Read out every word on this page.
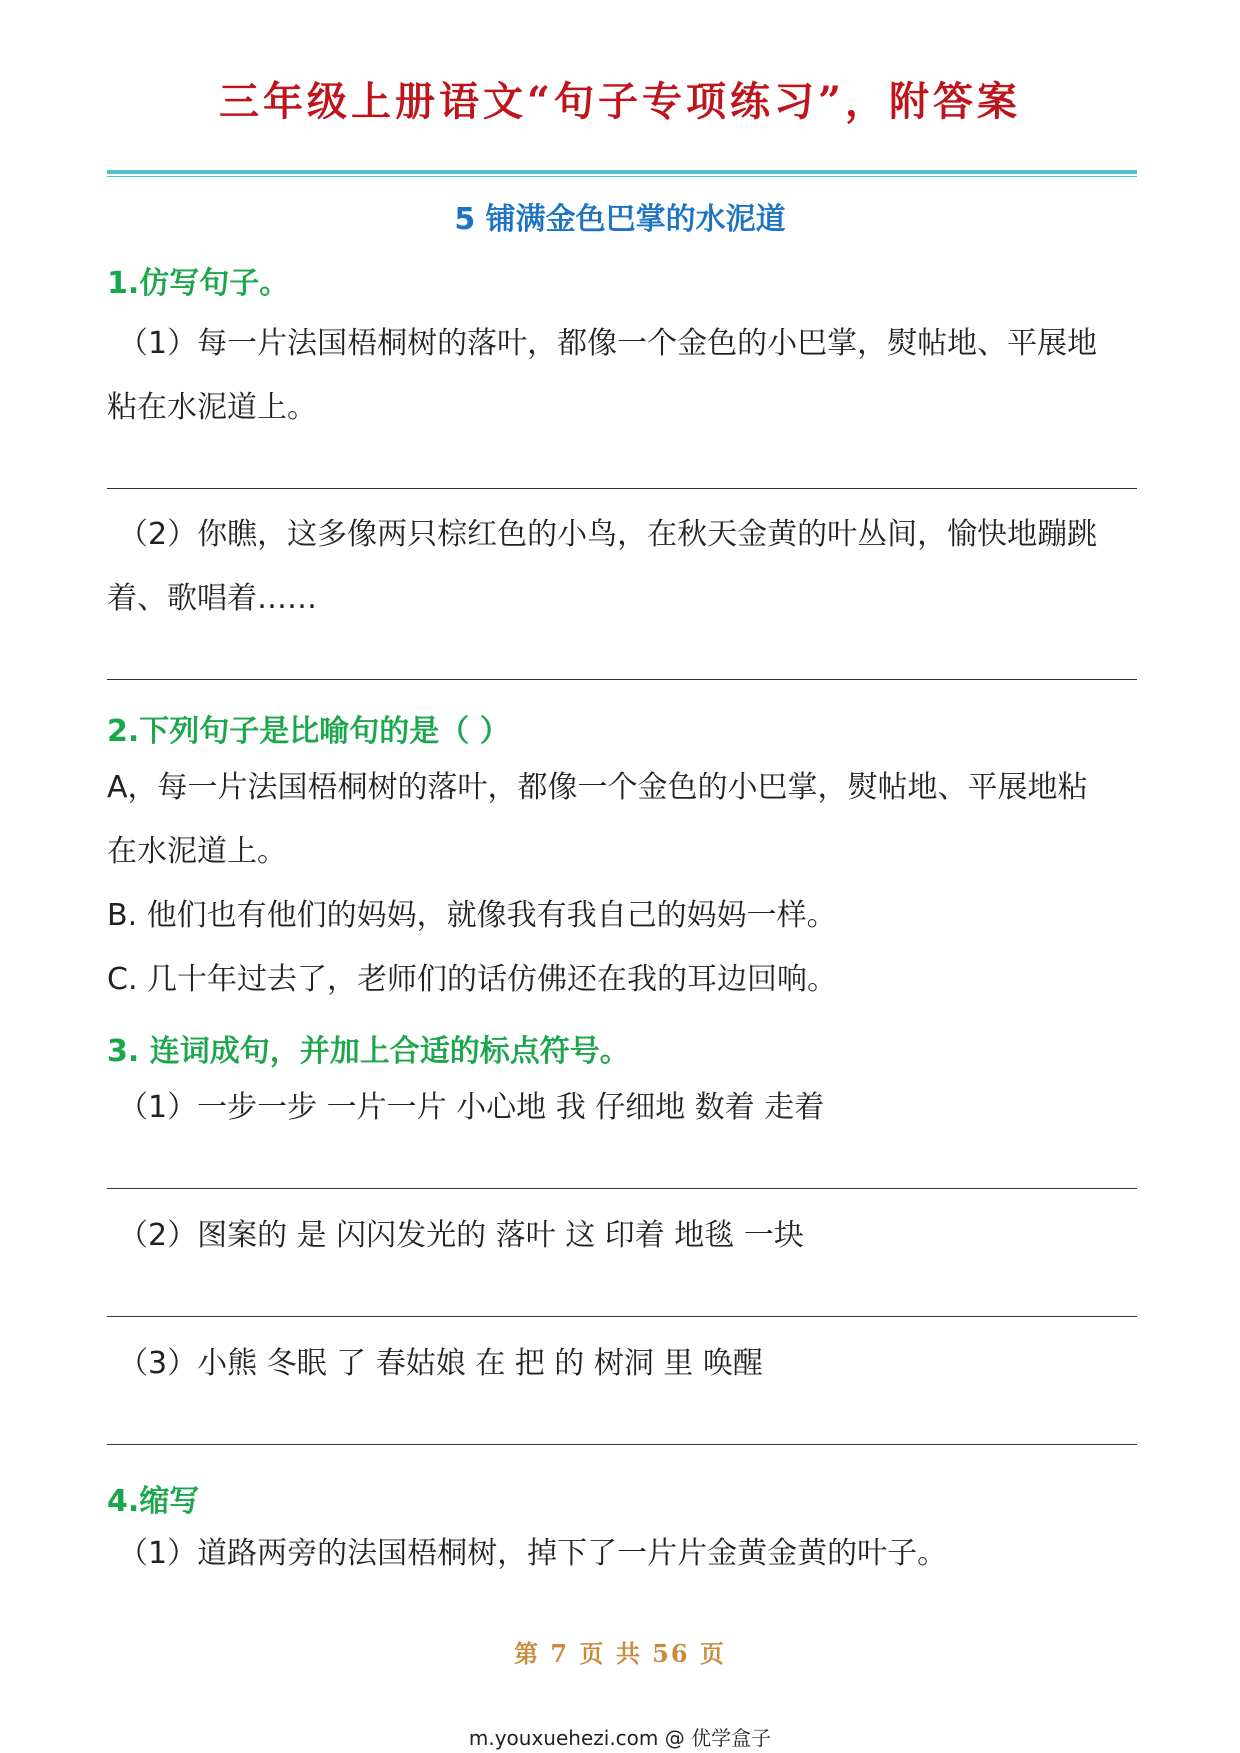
三年级上册语文“句子专项练习”，附答案
5 铺满金色巴掌的水泥道
1.仿写句子。
（1）每一片法国梧桐树的落叶，都像一个金色的小巴掌，熨帖地、平展地
粘在水泥道上。
（2）你瞧，这多像两只棕红色的小鸟，在秋天金黄的叶丛间，愉快地蹦跳
着、歌唱着……
2.下列句子是比喻句的是（ ）
A，每一片法国梧桐树的落叶，都像一个金色的小巴掌，熨帖地、平展地粘
在水泥道上。
B. 他们也有他们的妈妈，就像我有我自己的妈妈一样。
C. 几十年过去了，老师们的话仿佛还在我的耳边回响。
3. 连词成句，并加上合适的标点符号。
（1）一步一步 一片一片 小心地 我 仔细地 数着 走着
（2）图案的 是 闪闪发光的 落叶 这 印着 地毯 一块
（3）小熊 冬眠 了 春姑娘 在 把 的 树洞 里 唤醒
4.缩写
（1）道路两旁的法国梧桐树，掉下了一片片金黄金黄的叶子。
第 7 页 共 56 页
m.youxuehezi.com @ 优学盒子
